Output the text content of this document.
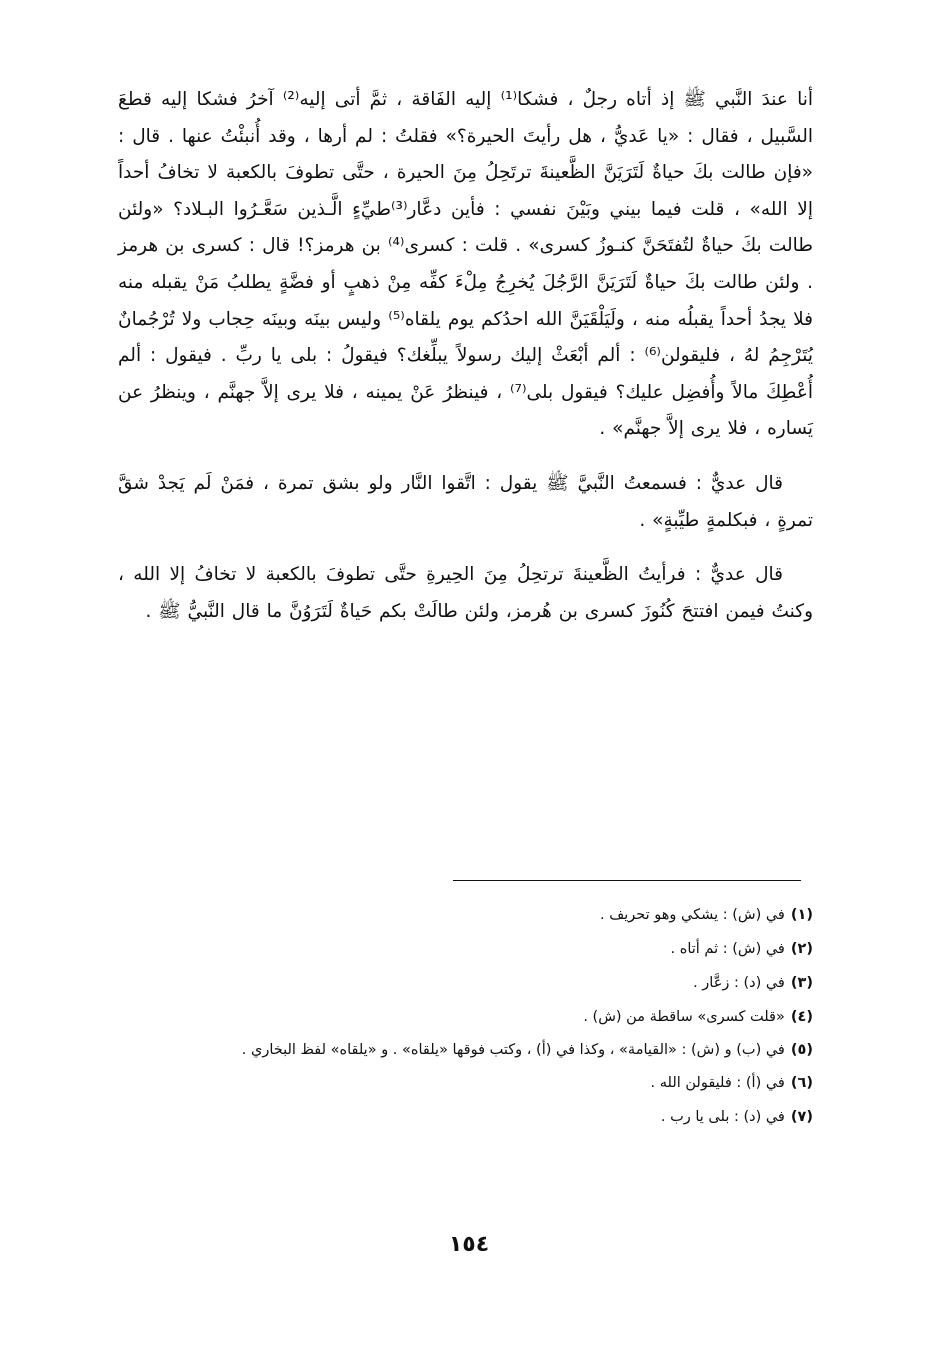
أنا عندَ النَّبي ﷺ إذ أتاه رجلٌ ، فشكا⁽¹⁾ إليه الفَاقة ، ثمَّ أتى إليه⁽²⁾ آخرُ فشكا إليه قطعَ السَّبيل ، فقال : «يا عَديُّ ، هل رأيتَ الحيرة؟» فقلتُ : لم أرها ، وقد أُنبئْتُ عنها . قال : «فإن طالت بكَ حياةٌ لَتَرَيَنَّ الظَّعينةَ ترتَحِلُ مِنَ الحيرة ، حتَّى تطوفَ بالكعبة لا تخافُ أحداً إلا الله» ، قلت فيما بيني وبَيْنَ نفسي : فأين دعَّار⁽³⁾طيِّءٍ الَّـذين سَعَّـرُوا البـلاد؟ «ولئن طالت بكَ حياةٌ لتُفتَحَنَّ كنـوزُ كسرى» . قلت : كسرى⁽⁴⁾ بن هرمز؟! قال : كسرى بن هرمز . ولئن طالت بكَ حياةٌ لَتَرَيَنَّ الرَّجُلَ يُخرِجُ مِلْءَ كفِّه مِنْ ذهبٍ أو فضَّةٍ يطلبُ مَنْ يقبله منه فلا يجدُ أحداً يقبلُه منه ، ولَيَلْقَيَنَّ الله احدُكم يوم يلقاه⁽⁵⁾ وليس بينَه وبينَه حِجاب ولا تُرْجُمانٌ يُتَرْجِمُ لهُ ، فليقولن⁽⁶⁾ : ألم أبْعَثْ إليك رسولاً يبلِّغك؟ فيقولُ : بلى يا ربِّ . فيقول : ألم أُعْطِكَ مالاً وأُفضِل عليك؟ فيقول بلى⁽⁷⁾ ، فينظرُ عَنْ يمينه ، فلا يرى إلاَّ جهنَّم ، وينظرُ عن يَساره ، فلا يرى إلاَّ جهنَّم» .

قال عديٌّ : فسمعتُ النَّبيَّ ﷺ يقول : اتَّقوا النَّار ولو بشق تمرة ، فمَنْ لَم يَجدْ شقَّ تمرةٍ ، فبكلمةٍ طيِّبةٍ» .

قال عديٌّ : فرأيتُ الظَّعينةَ ترتحِلُ مِنَ الحِيرةِ حتَّى تطوفَ بالكعبة لا تخافُ إلا الله ، وكنتُ فيمن افتتحَ كُنُوزَ كسرى بن هُرمز، ولئن طالَتْ بكم حَياةٌ لَتَرَوُنَّ ما قال النَّبيُّ ﷺ .

(١)في (ش) : يشكي وهو تحريف .

(٢)في (ش) : ثم أتاه .

(٣)في (د) : زعَّار .

(٤)«قلت كسرى» ساقطة من (ش) .

(٥)في (ب) و (ش) : «القيامة» ، وكذا في (أ) ، وكتب فوقها «يلقاه» . و «يلقاه» لفظ البخاري .

(٦)في (أ) : فليقولن الله .

(٧)في (د) : بلى يا رب .

١٥٤
